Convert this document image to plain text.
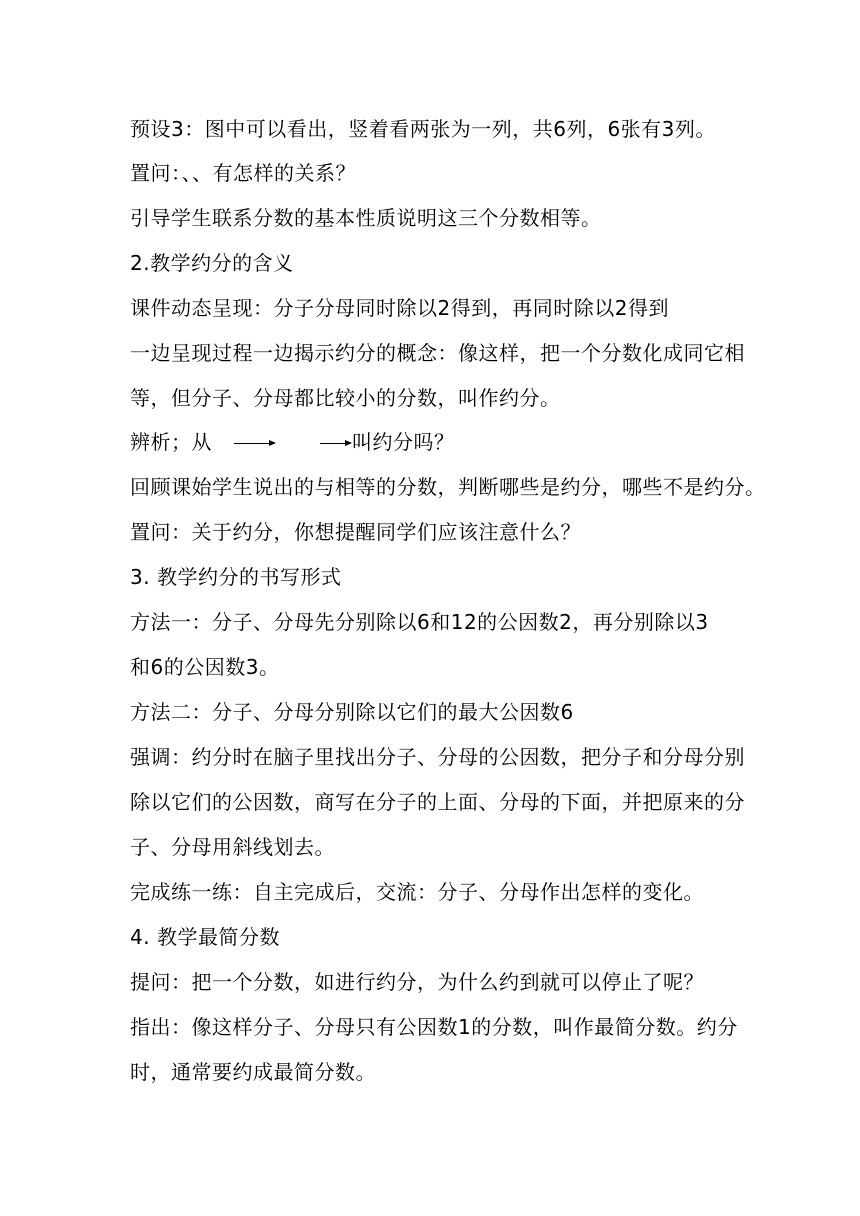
预设3：图中可以看出，竖着看两张为一列，共6列，6张有3列。
置问：、、有怎样的关系？
引导学生联系分数的基本性质说明这三个分数相等。
2.教学约分的含义
课件动态呈现：分子分母同时除以2得到，再同时除以2得到
一边呈现过程一边揭示约分的概念：像这样，把一个分数化成同它相
等，但分子、分母都比较小的分数，叫作约分。
辨析；从	叫约分吗？
回顾课始学生说出的与相等的分数，判断哪些是约分，哪些不是约分。
置问：关于约分，你想提醒同学们应该注意什么？
3. 教学约分的书写形式
方法一：分子、分母先分别除以6和12的公因数2，再分别除以3
和6的公因数3。
方法二：分子、分母分别除以它们的最大公因数6
强调：约分时在脑子里找出分子、分母的公因数，把分子和分母分别
除以它们的公因数，商写在分子的上面、分母的下面，并把原来的分
子、分母用斜线划去。
完成练一练：自主完成后，交流：分子、分母作出怎样的变化。
4. 教学最简分数
提问：把一个分数，如进行约分，为什么约到就可以停止了呢？
指出：像这样分子、分母只有公因数1的分数，叫作最简分数。约分
时，通常要约成最简分数。
